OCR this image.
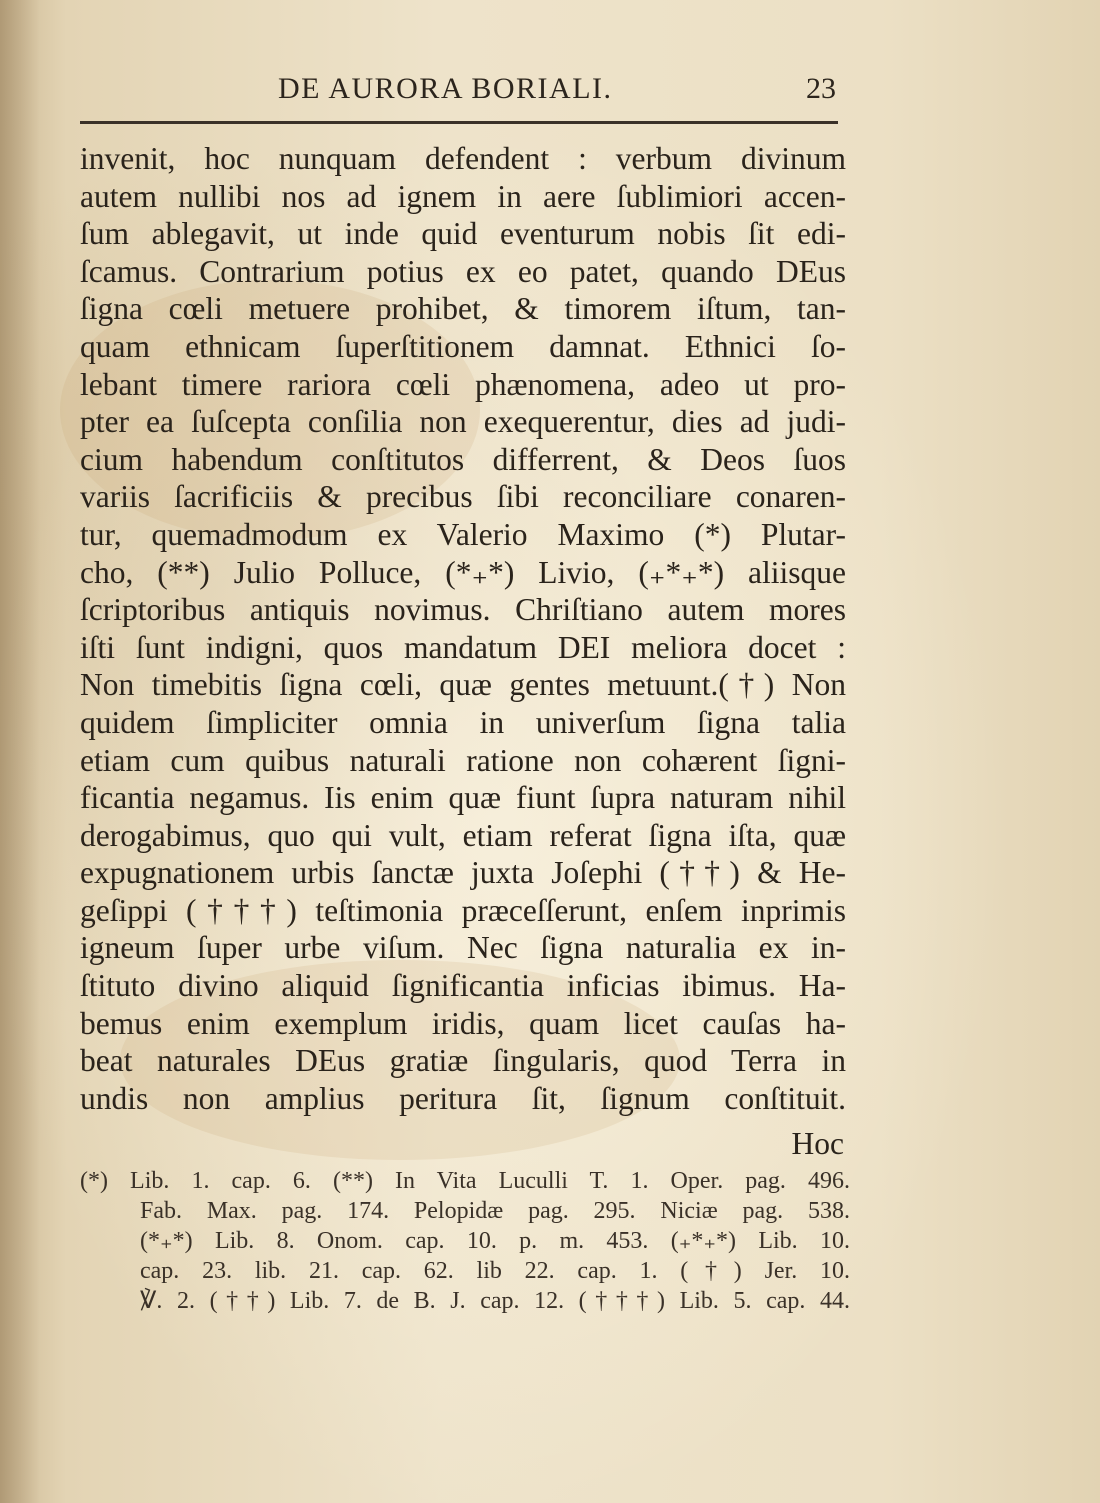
DE AURORA BORIALI.	23
invenit, hoc nunquam defendent : verbum divinum
autem nullibi nos ad ignem in aere ſublimiori accen-
ſum ablegavit, ut inde quid eventurum nobis ſit edi-
ſcamus. Contrarium potius ex eo patet, quando DEus
ſigna cœli metuere prohibet, & timorem iſtum, tan-
quam ethnicam ſuperſtitionem damnat. Ethnici ſo-
lebant timere rariora cœli phænomena, adeo ut pro-
pter ea ſuſcepta conſilia non exequerentur, dies ad judi-
cium habendum conſtitutos differrent, & Deos ſuos
variis ſacrificiis & precibus ſibi reconciliare conaren-
tur, quemadmodum ex Valerio Maximo (*) Plutar-
cho, (**) Julio Polluce, (*₊*) Livio, (₊*₊*) aliisque
ſcriptoribus antiquis novimus. Chriſtiano autem mores
iſti ſunt indigni, quos mandatum DEI meliora docet :
Non timebitis ſigna cœli, quæ gentes metuunt.(†) Non
quidem ſimpliciter omnia in univerſum ſigna talia
etiam cum quibus naturali ratione non cohærent ſigni-
ficantia negamus. Iis enim quæ fiunt ſupra naturam nihil
derogabimus, quo qui vult, etiam referat ſigna iſta, quæ
expugnationem urbis ſanctæ juxta Joſephi (††) & He-
geſippi (†††) teſtimonia præceſſerunt, enſem inprimis
igneum ſuper urbe viſum. Nec ſigna naturalia ex in-
ſtituto divino aliquid ſignificantia inficias ibimus. Ha-
bemus enim exemplum iridis, quam licet cauſas ha-
beat naturales DEus gratiæ ſingularis, quod Terra in
undis non amplius peritura ſit, ſignum conſtituit.
Hoc
(*) Lib. 1. cap. 6. (**) In Vita Luculli T. 1. Oper. pag. 496.
Fab. Max. pag. 174. Pelopidæ pag. 295. Niciæ pag. 538.
(*₊*) Lib. 8. Onom. cap. 10. p. m. 453. (₊*₊*) Lib. 10.
cap. 23. lib. 21. cap. 62. lib 22. cap. 1. (†) Jer. 10.
℣. 2. (††) Lib. 7. de B. J. cap. 12. (†††) Lib. 5. cap. 44.
